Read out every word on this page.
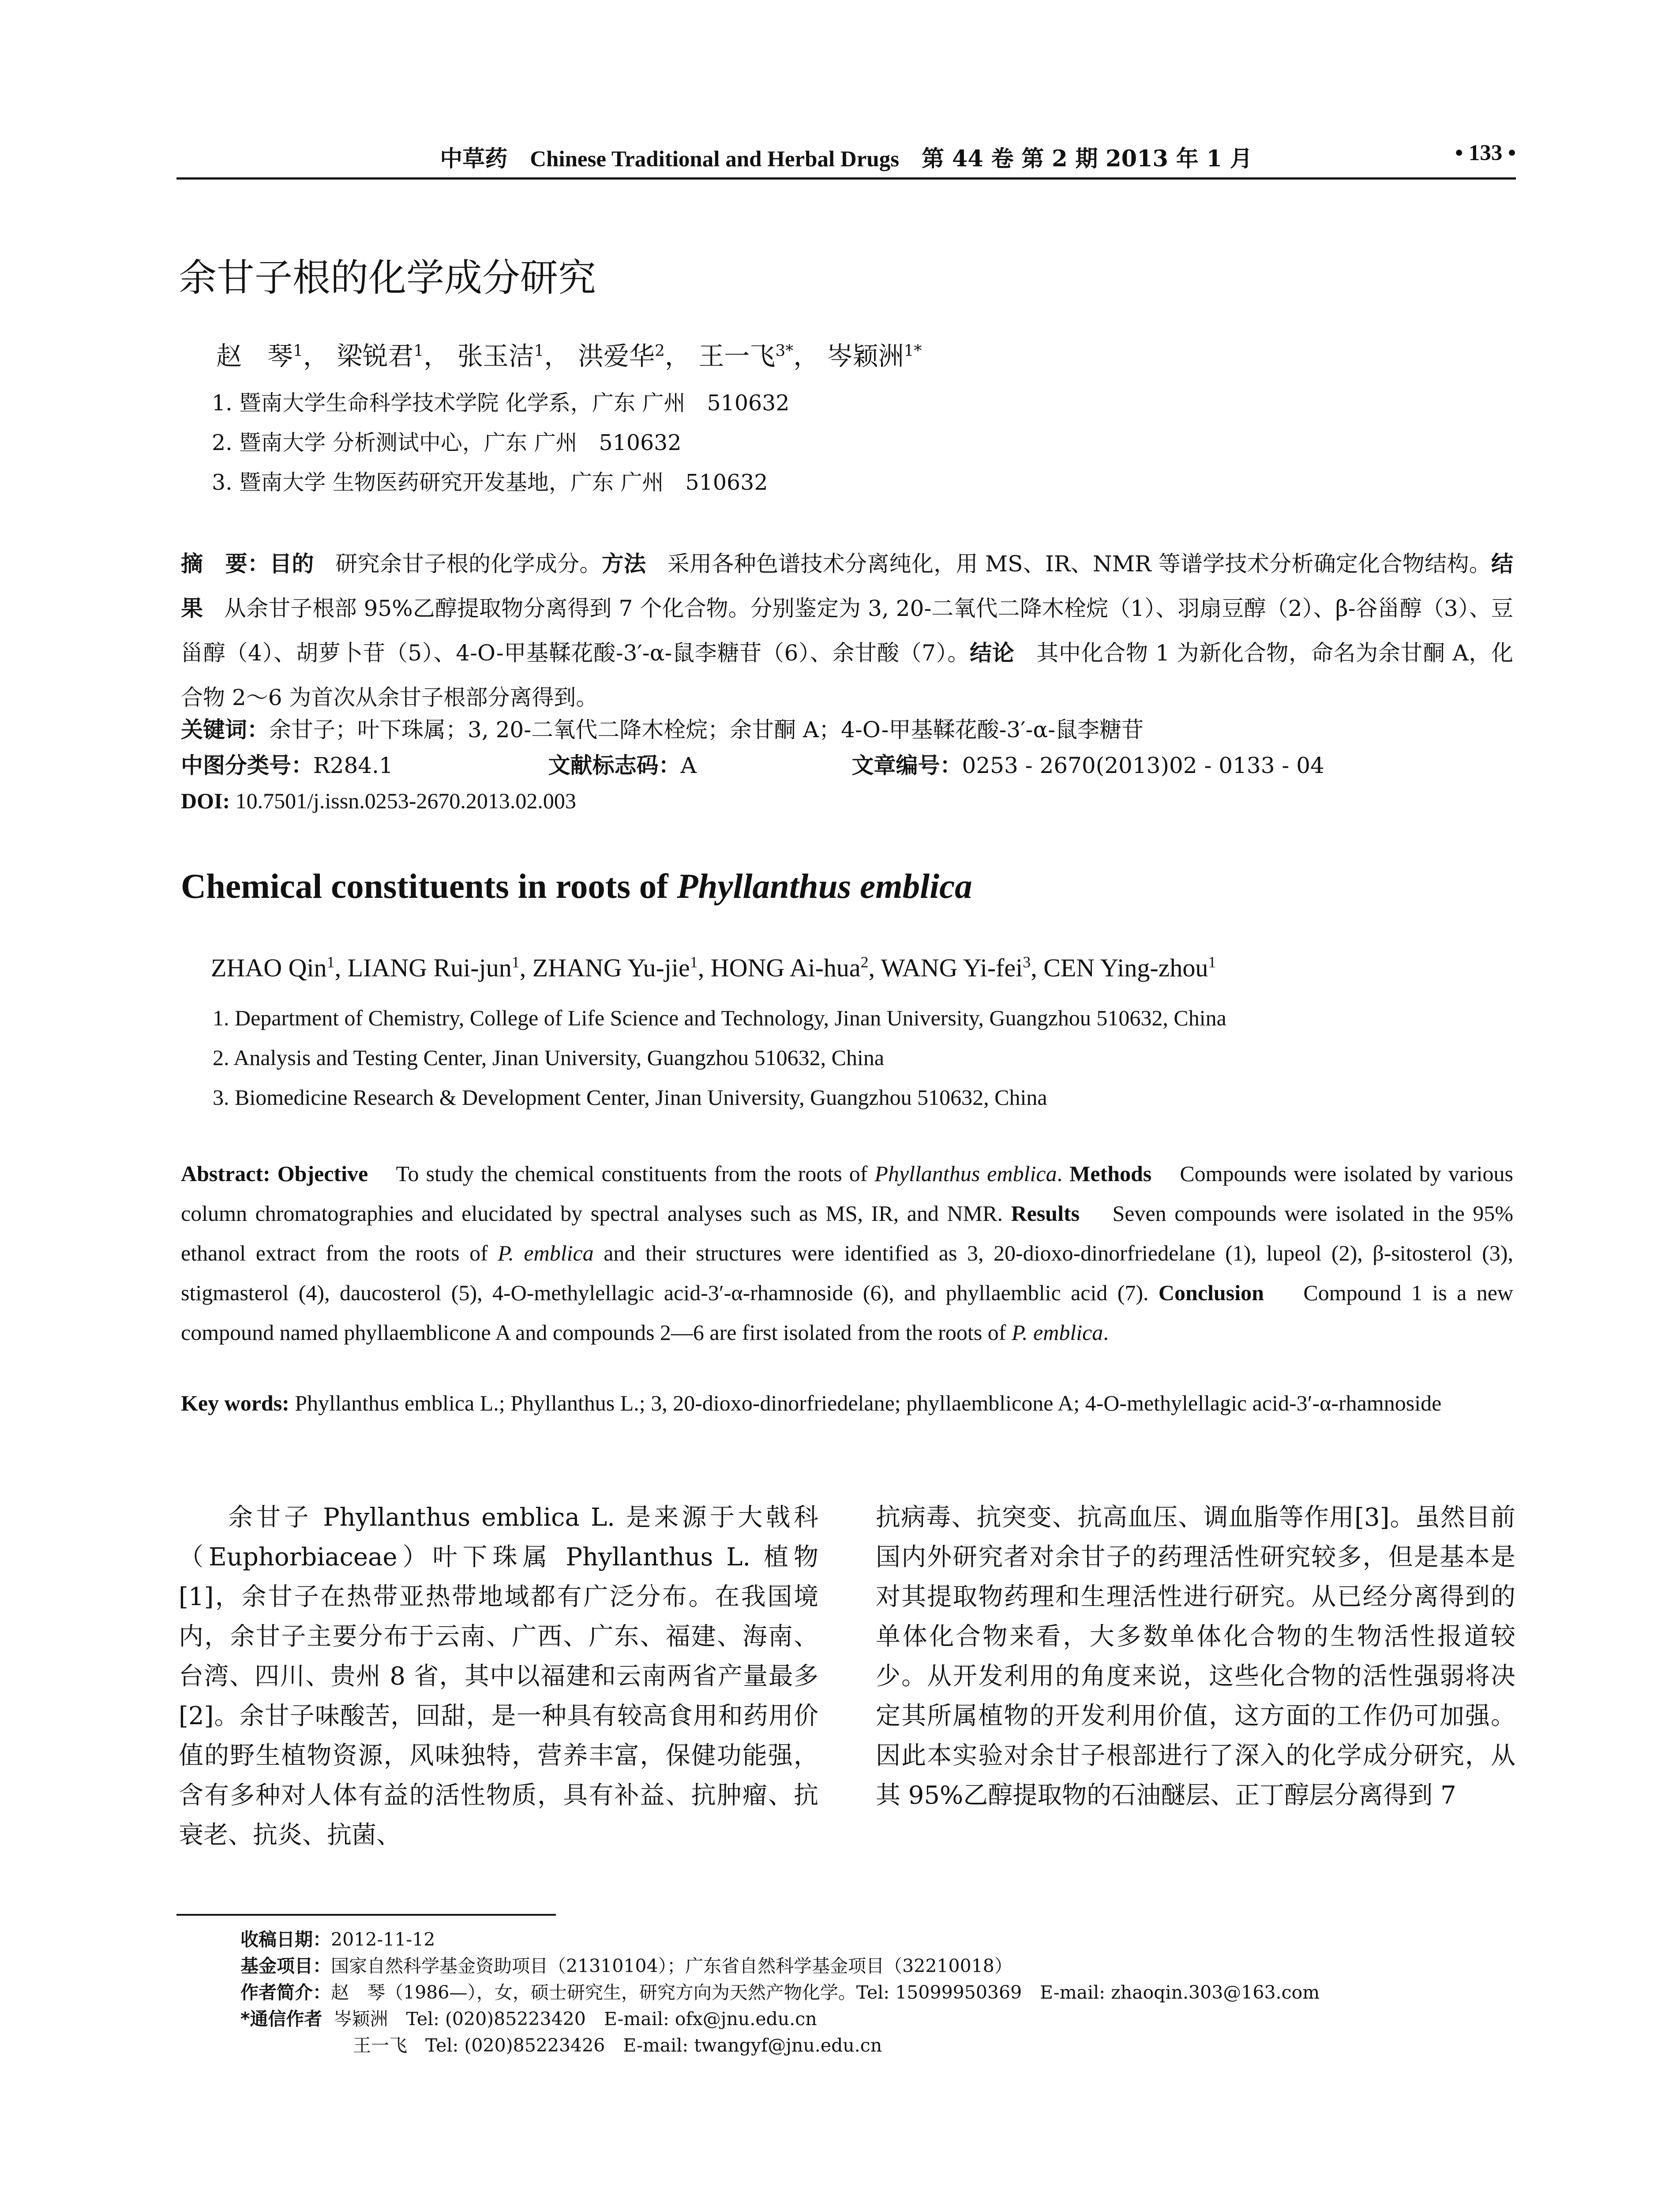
中草药 Chinese Traditional and Herbal Drugs 第 44 卷 第 2 期 2013 年 1 月	• 133 •
余甘子根的化学成分研究
赵　琴$^1$， 梁锐君$^1$， 张玉洁$^1$， 洪爱华$^2$， 王一飞$^{3*}$， 岑颖洲$^{1*}$
1. 暨南大学生命科学技术学院 化学系，广东 广州　510632
2. 暨南大学 分析测试中心，广东 广州　510632
3. 暨南大学 生物医药研究开发基地，广东 广州　510632
摘　要：目的 研究余甘子根的化学成分。方法 采用各种色谱技术分离纯化，用 MS、IR、NMR 等谱学技术分析确定化合物结构。结果 从余甘子根部 95%乙醇提取物分离得到 7 个化合物。分别鉴定为 3, 20-二氧代二降木栓烷（1）、羽扇豆醇（2）、β-谷甾醇（3）、豆甾醇（4）、胡萝卜苷（5）、4-O-甲基鞣花酸-3′-α-鼠李糖苷（6）、余甘酸（7）。结论 其中化合物 1 为新化合物，命名为余甘酮 A，化合物 2～6 为首次从余甘子根部分离得到。
关键词：余甘子；叶下珠属；3, 20-二氧代二降木栓烷；余甘酮 A；4-O-甲基鞣花酸-3′-α-鼠李糖苷
中图分类号：R284.1	文献标志码：A	文章编号：0253 - 2670(2013)02 - 0133 - 04
DOI: 10.7501/j.issn.0253-2670.2013.02.003
Chemical constituents in roots of Phyllanthus emblica
ZHAO Qin$^1$, LIANG Rui-jun$^1$, ZHANG Yu-jie$^1$, HONG Ai-hua$^2$, WANG Yi-fei$^3$, CEN Ying-zhou$^1$
1. Department of Chemistry, College of Life Science and Technology, Jinan University, Guangzhou 510632, China
2. Analysis and Testing Center, Jinan University, Guangzhou 510632, China
3. Biomedicine Research & Development Center, Jinan University, Guangzhou 510632, China
Abstract: Objective To study the chemical constituents from the roots of Phyllanthus emblica. Methods Compounds were isolated by various column chromatographies and elucidated by spectral analyses such as MS, IR, and NMR. Results Seven compounds were isolated in the 95% ethanol extract from the roots of P. emblica and their structures were identified as 3, 20-dioxo-dinorfriedelane (1), lupeol (2), β-sitosterol (3), stigmasterol (4), daucosterol (5), 4-O-methylellagic acid-3′-α-rhamnoside (6), and phyllaemblic acid (7). Conclusion Compound 1 is a new compound named phyllaemblicone A and compounds 2—6 are first isolated from the roots of P. emblica.
Key words: Phyllanthus emblica L.; Phyllanthus L.; 3, 20-dioxo-dinorfriedelane; phyllaemblicone A; 4-O-methylellagic acid-3′-α-rhamnoside
余甘子 Phyllanthus emblica L. 是来源于大戟科（Euphorbiaceae）叶下珠属 Phyllanthus L. 植物[1]，余甘子在热带亚热带地域都有广泛分布。在我国境内，余甘子主要分布于云南、广西、广东、福建、海南、台湾、四川、贵州 8 省，其中以福建和云南两省产量最多[2]。余甘子味酸苦，回甜，是一种具有较高食用和药用价值的野生植物资源，风味独特，营养丰富，保健功能强，含有多种对人体有益的活性物质，具有补益、抗肿瘤、抗衰老、抗炎、抗菌、
抗病毒、抗突变、抗高血压、调血脂等作用[3]。虽然目前国内外研究者对余甘子的药理活性研究较多，但是基本是对其提取物药理和生理活性进行研究。从已经分离得到的单体化合物来看，大多数单体化合物的生物活性报道较少。从开发利用的角度来说，这些化合物的活性强弱将决定其所属植物的开发利用价值，这方面的工作仍可加强。因此本实验对余甘子根部进行了深入的化学成分研究，从其 95%乙醇提取物的石油醚层、正丁醇层分离得到 7
收稿日期：2012-11-12
基金项目：国家自然科学基金资助项目（21310104）；广东省自然科学基金项目（32210018）
作者简介：赵　琴（1986—），女，硕士研究生，研究方向为天然产物化学。Tel: 15099950369　E-mail: zhaoqin.303@163.com
*通信作者 岑颖洲　Tel: (020)85223420　E-mail: ofx@jnu.edu.cn
王一飞　Tel: (020)85223426　E-mail: twangyf@jnu.edu.cn
